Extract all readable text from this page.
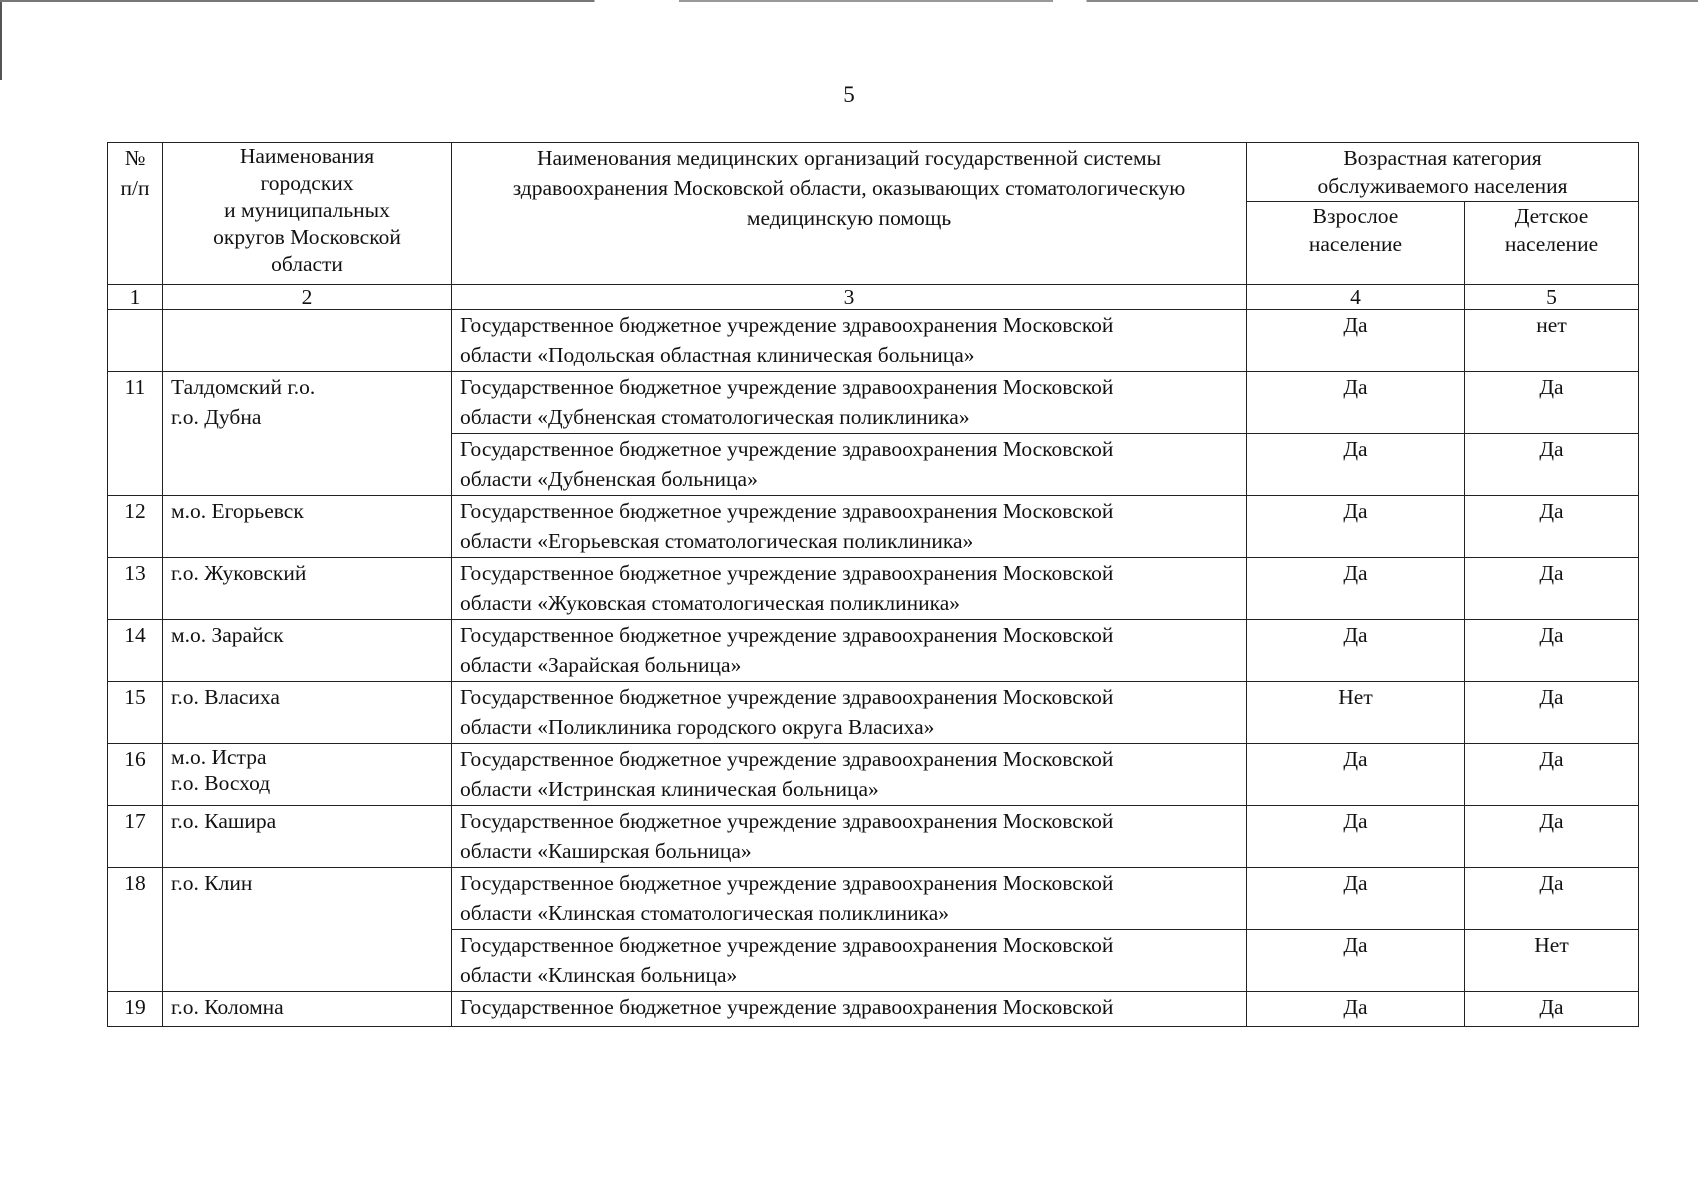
5
№
п/п	Наименования
городских
и муниципальных
округов Московской
области	Наименования медицинских организаций государственной системы
здравоохранения Московской области, оказывающих стоматологическую
медицинскую помощь	Возрастная категория
обслуживаемого населения	
			Взрослое
население	Детское
население
1	2	3	4	5
		Государственное бюджетное учреждение здравоохранения Московской
области «Подольская областная клиническая больница»	Да	нет
11	Талдомский г.о.
г.о. Дубна	Государственное бюджетное учреждение здравоохранения Московской
области «Дубненская стоматологическая поликлиника»	Да	Да
		Государственное бюджетное учреждение здравоохранения Московской
области «Дубненская больница»	Да	Да
12	м.о. Егорьевск	Государственное бюджетное учреждение здравоохранения Московской
области «Егорьевская стоматологическая поликлиника»	Да	Да
13	г.о. Жуковский	Государственное бюджетное учреждение здравоохранения Московской
области «Жуковская стоматологическая поликлиника»	Да	Да
14	м.о. Зарайск	Государственное бюджетное учреждение здравоохранения Московской
области «Зарайская больница»	Да	Да
15	г.о. Власиха	Государственное бюджетное учреждение здравоохранения Московской
области «Поликлиника городского округа Власиха»	Нет	Да
16	м.о. Истра
г.о. Восход	Государственное бюджетное учреждение здравоохранения Московской
области «Истринская клиническая больница»	Да	Да
17	г.о. Кашира	Государственное бюджетное учреждение здравоохранения Московской
области «Каширская больница»	Да	Да
18	г.о. Клин	Государственное бюджетное учреждение здравоохранения Московской
области «Клинская стоматологическая поликлиника»	Да	Да
		Государственное бюджетное учреждение здравоохранения Московской
области «Клинская больница»	Да	Нет
19	г.о. Коломна	Государственное бюджетное учреждение здравоохранения Московской	Да	Да
